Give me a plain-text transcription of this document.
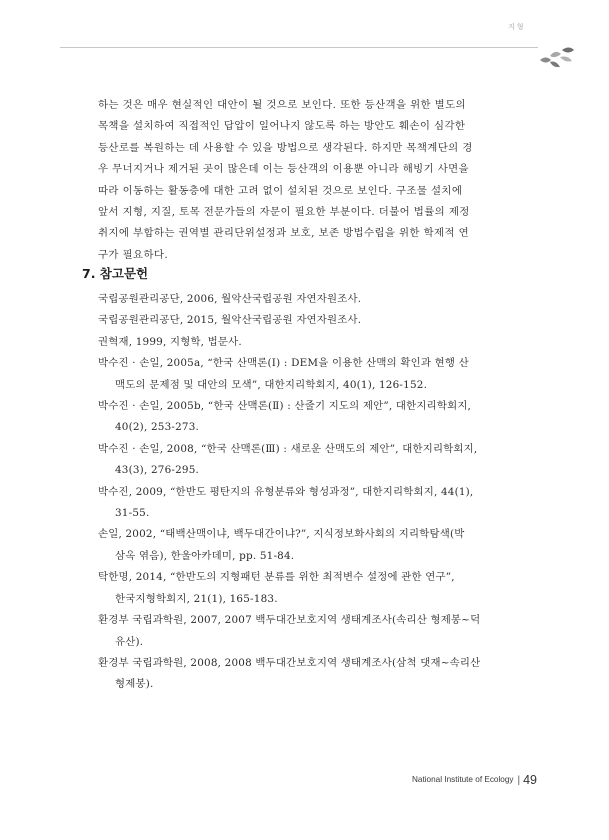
지형

하는 것은 매우 현실적인 대안이 될 것으로 보인다. 또한 등산객을 위한 별도의
목책을 설치하여 직접적인 답압이 일어나지 않도록 하는 방안도 훼손이 심각한
등산로를 복원하는 데 사용할 수 있을 방법으로 생각된다. 하지만 목책계단의 경
우 무너지거나 제거된 곳이 많은데 이는 등산객의 이용뿐 아니라 해빙기 사면을
따라 이동하는 활동층에 대한 고려 없이 설치된 것으로 보인다. 구조물 설치에
앞서 지형, 지질, 토목 전문가들의 자문이 필요한 부분이다. 더불어 법률의 제정
취지에 부합하는 권역별 관리단위설정과 보호, 보존 방법수립을 위한 학제적 연
구가 필요하다.

7. 참고문헌
국립공원관리공단, 2006, 월악산국립공원 자연자원조사.
국립공원관리공단, 2015, 월악산국립공원 자연자원조사.
권혁재, 1999, 지형학, 법문사.
박수진 · 손일, 2005a, “한국 산맥론(Ⅰ) : DEM을 이용한 산맥의 확인과 현행 산
맥도의 문제점 및 대안의 모색”, 대한지리학회지, 40(1), 126-152.
박수진 · 손일, 2005b, “한국 산맥론(Ⅱ) : 산줄기 지도의 제안”, 대한지리학회지,
40(2), 253-273.
박수진 · 손일, 2008, “한국 산맥론(Ⅲ) : 새로운 산맥도의 제안”, 대한지리학회지,
43(3), 276-295.
박수진, 2009, “한반도 평탄지의 유형분류와 형성과정”, 대한지리학회지, 44(1),
31-55.
손일, 2002, “태백산맥이냐, 백두대간이냐?”, 지식정보화사회의 지리학탐색(박
삼옥 엮음), 한울아카데미, pp. 51-84.
탁한명, 2014, “한반도의 지형패턴 분류를 위한 최적변수 설정에 관한 연구”,
한국지형학회지, 21(1), 165-183.
환경부 국립과학원, 2007, 2007 백두대간보호지역 생태계조사(속리산 형제봉~덕
유산).
환경부 국립과학원, 2008, 2008 백두대간보호지역 생태계조사(삼척 댓재~속리산
형제봉).
National Institute of Ecology | 49
